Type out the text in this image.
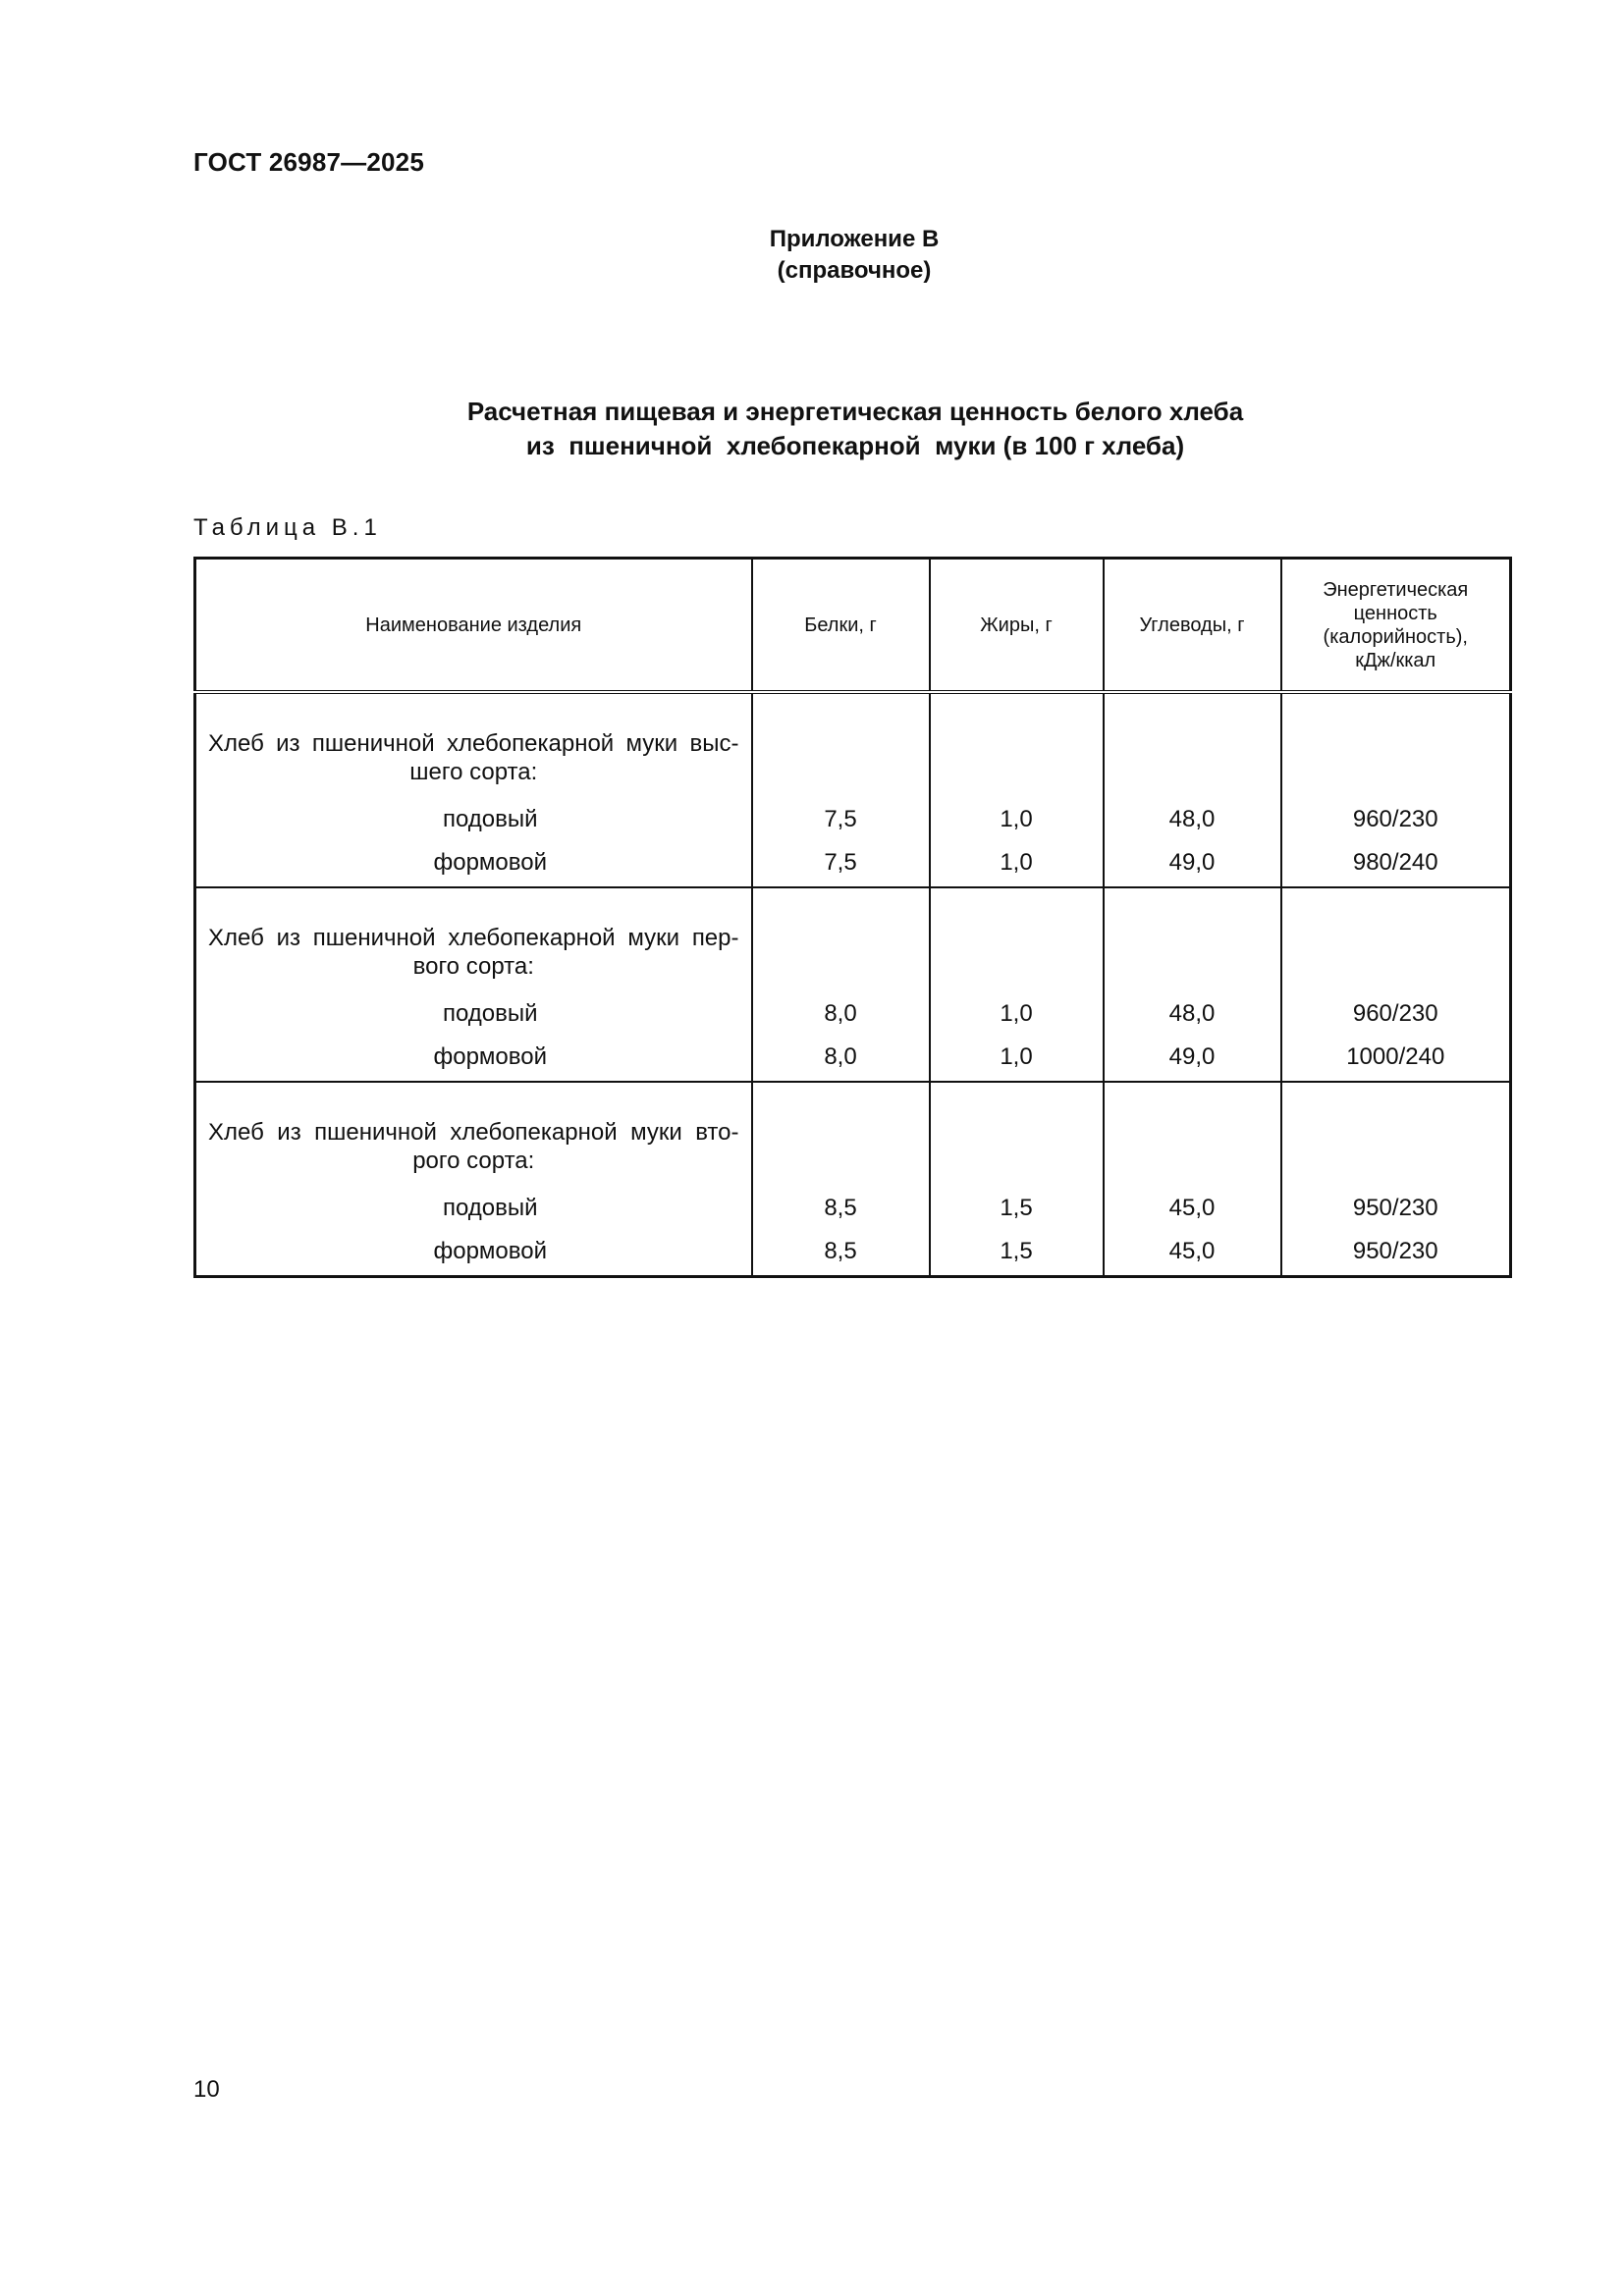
ГОСТ 26987—2025
Приложение В
(справочное)
Расчетная пищевая и энергетическая ценность белого хлеба
из  пшеничной  хлебопекарной  муки (в 100 г хлеба)
Таблица В.1
Наименование изделия	Белки, г	Жиры, г	Углеводы, г	Энергетическая
ценность
(калорийность),
кДж/ккал

Хлеб из пшеничной хлебопекарной муки выс-
шего сорта:				

подовый	7,5	1,0	48,0	960/230
формовой	7,5	1,0	49,0	980/240

Хлеб из пшеничной хлебопекарной муки пер-
вого сорта:				

подовый	8,0	1,0	48,0	960/230
формовой	8,0	1,0	49,0	1000/240

Хлеб из пшеничной хлебопекарной муки вто-
рого сорта:				

подовый	8,5	1,5	45,0	950/230
формовой	8,5	1,5	45,0	950/230
10
